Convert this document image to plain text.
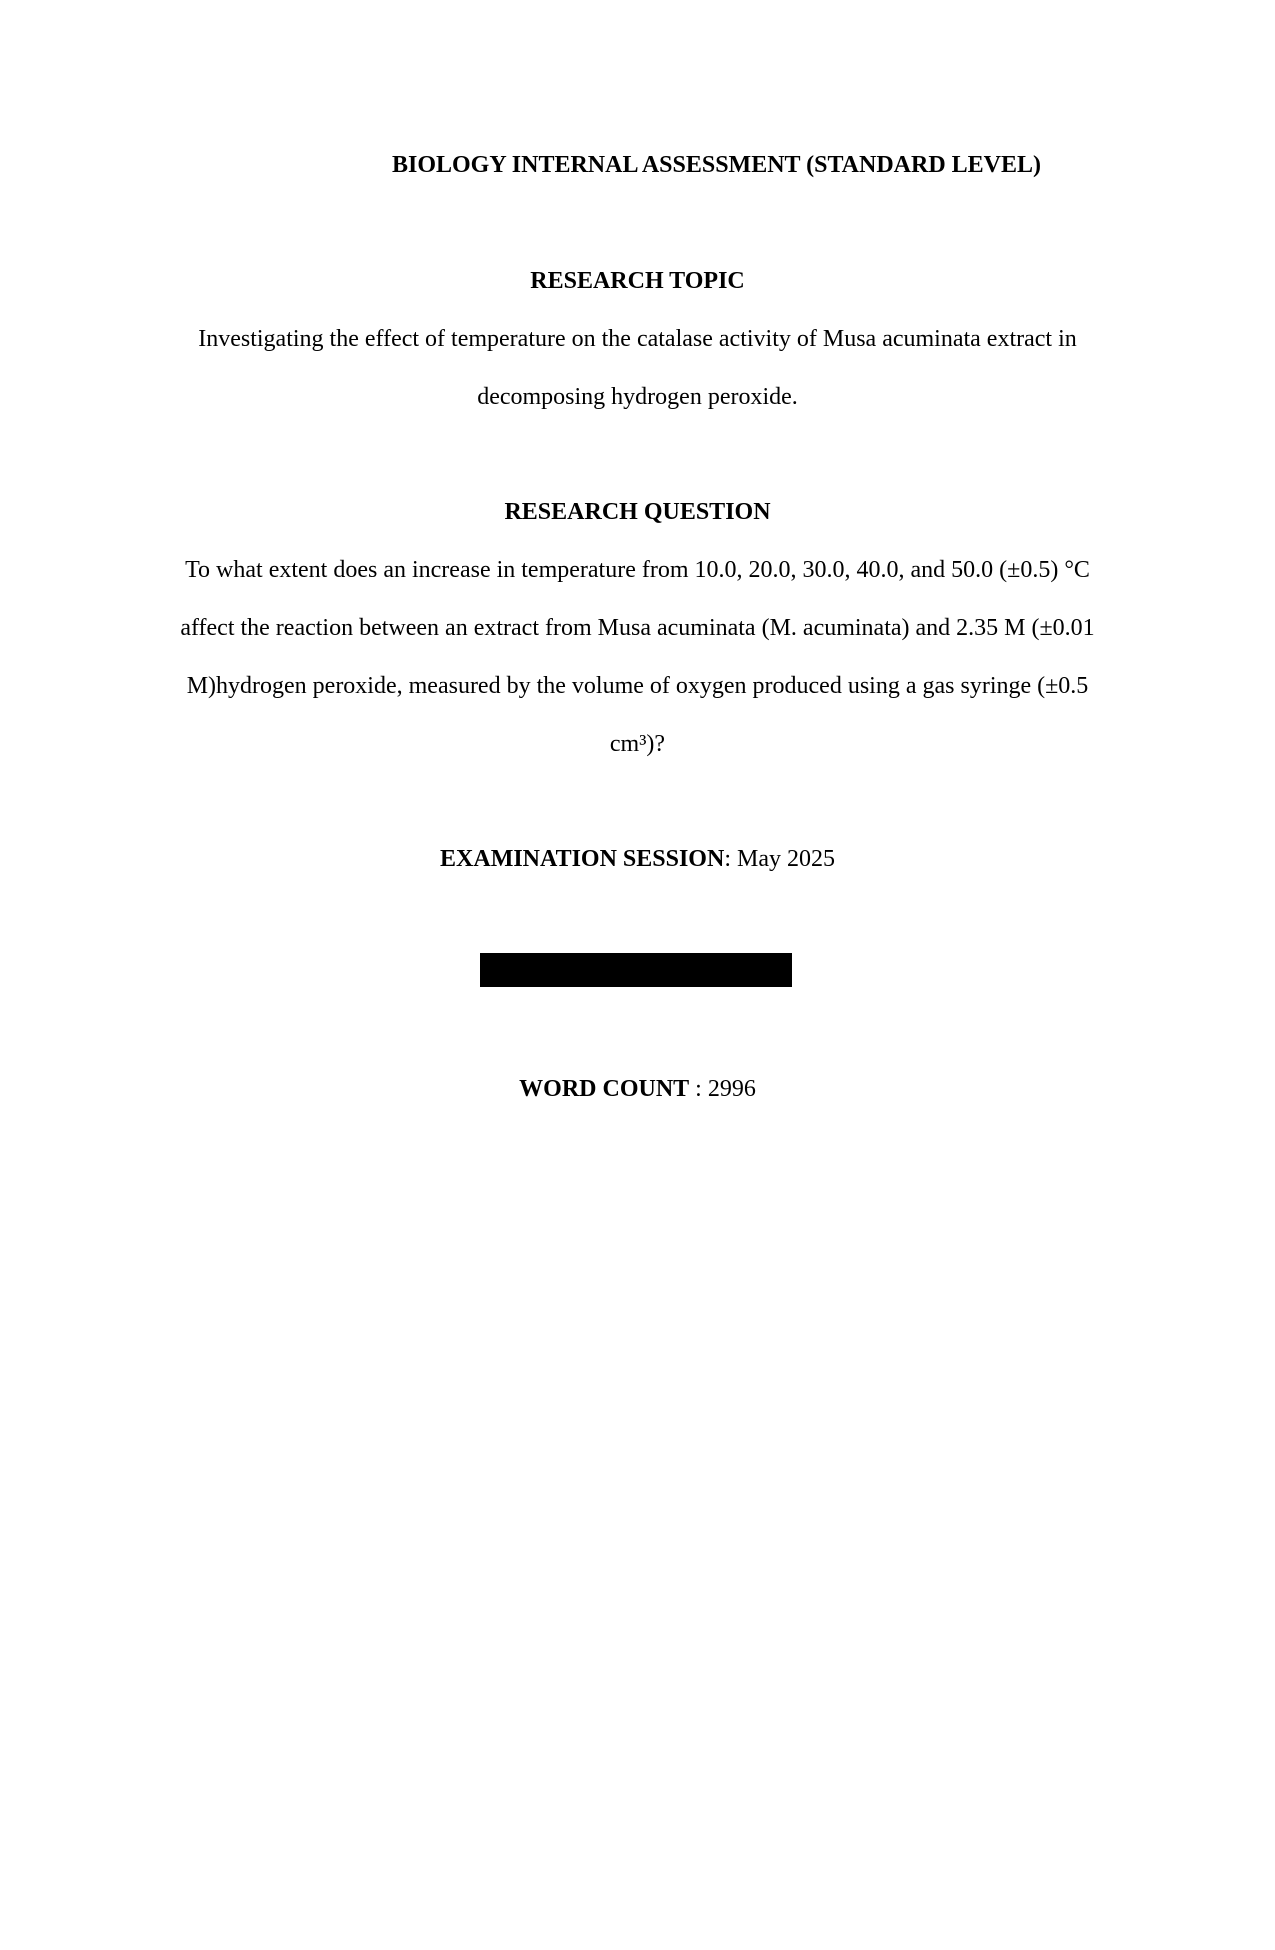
BIOLOGY INTERNAL ASSESSMENT (STANDARD LEVEL)
RESEARCH TOPIC
Investigating the effect of temperature on the catalase activity of Musa acuminata extract in
decomposing hydrogen peroxide.
RESEARCH QUESTION
To what extent does an increase in temperature from 10.0, 20.0, 30.0, 40.0, and 50.0 (±0.5) °C
affect the reaction between an extract from Musa acuminata (M. acuminata) and 2.35 M (±0.01
M)hydrogen peroxide, measured by the volume of oxygen produced using a gas syringe (±0.5
cm³)?
EXAMINATION SESSION: May 2025
WORD COUNT : 2996
